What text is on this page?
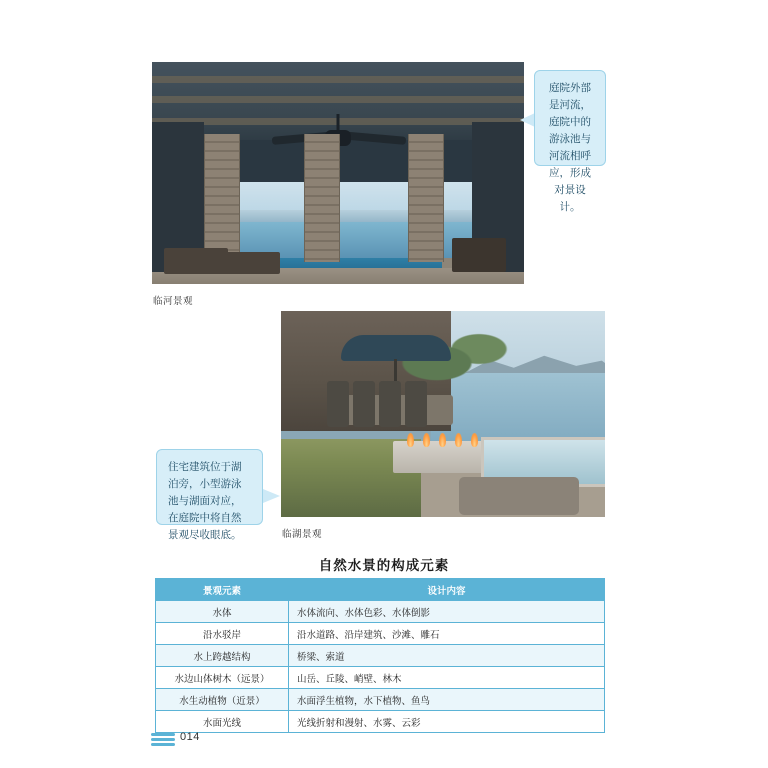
临河景观
庭院外部是河流，庭院中的游泳池与河流相呼应，形成对景设计。
临湖景观
住宅建筑位于湖泊旁，小型游泳池与湖面对应，在庭院中将自然景观尽收眼底。
自然水景的构成元素
景观元素	设计内容
水体	水体流向、水体色彩、水体倒影
沿水驳岸	沿水道路、沿岸建筑、沙滩、雕石
水上跨越结构	桥梁、索道
水边山体树木（远景）	山岳、丘陵、峭壁、林木
水生动植物（近景）	水面浮生植物，水下植物、鱼鸟
水面光线	光线折射和漫射、水雾、云彩
014
